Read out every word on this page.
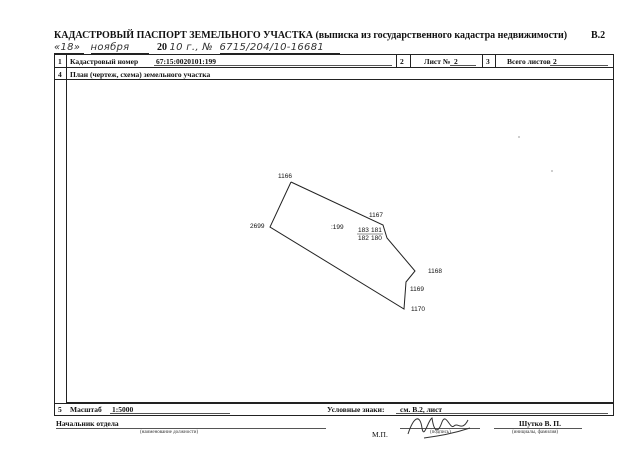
КАДАСТРОВЫЙ ПАСПОРТ ЗЕМЕЛЬНОГО УЧАСТКА (выписка из государственного кадастра недвижимости) В.2
«18» ноября	20 10 г., № 6715/204/10-16681
1 Кадастровый номер 67:15:0020101:199	2	Лист № 2	3 Всего листов 2
4 План (чертеж, схема) земельного участка
1166
2699
1167
:199 183 181
182 180
1168
1169
1170
5 Масштаб 1:5000	Условные знаки: см. В.2, лист
Начальник отдела
(наименование должности)	М.П.	(подпись)
Шутко В. П.
(инициалы, фамилия)
